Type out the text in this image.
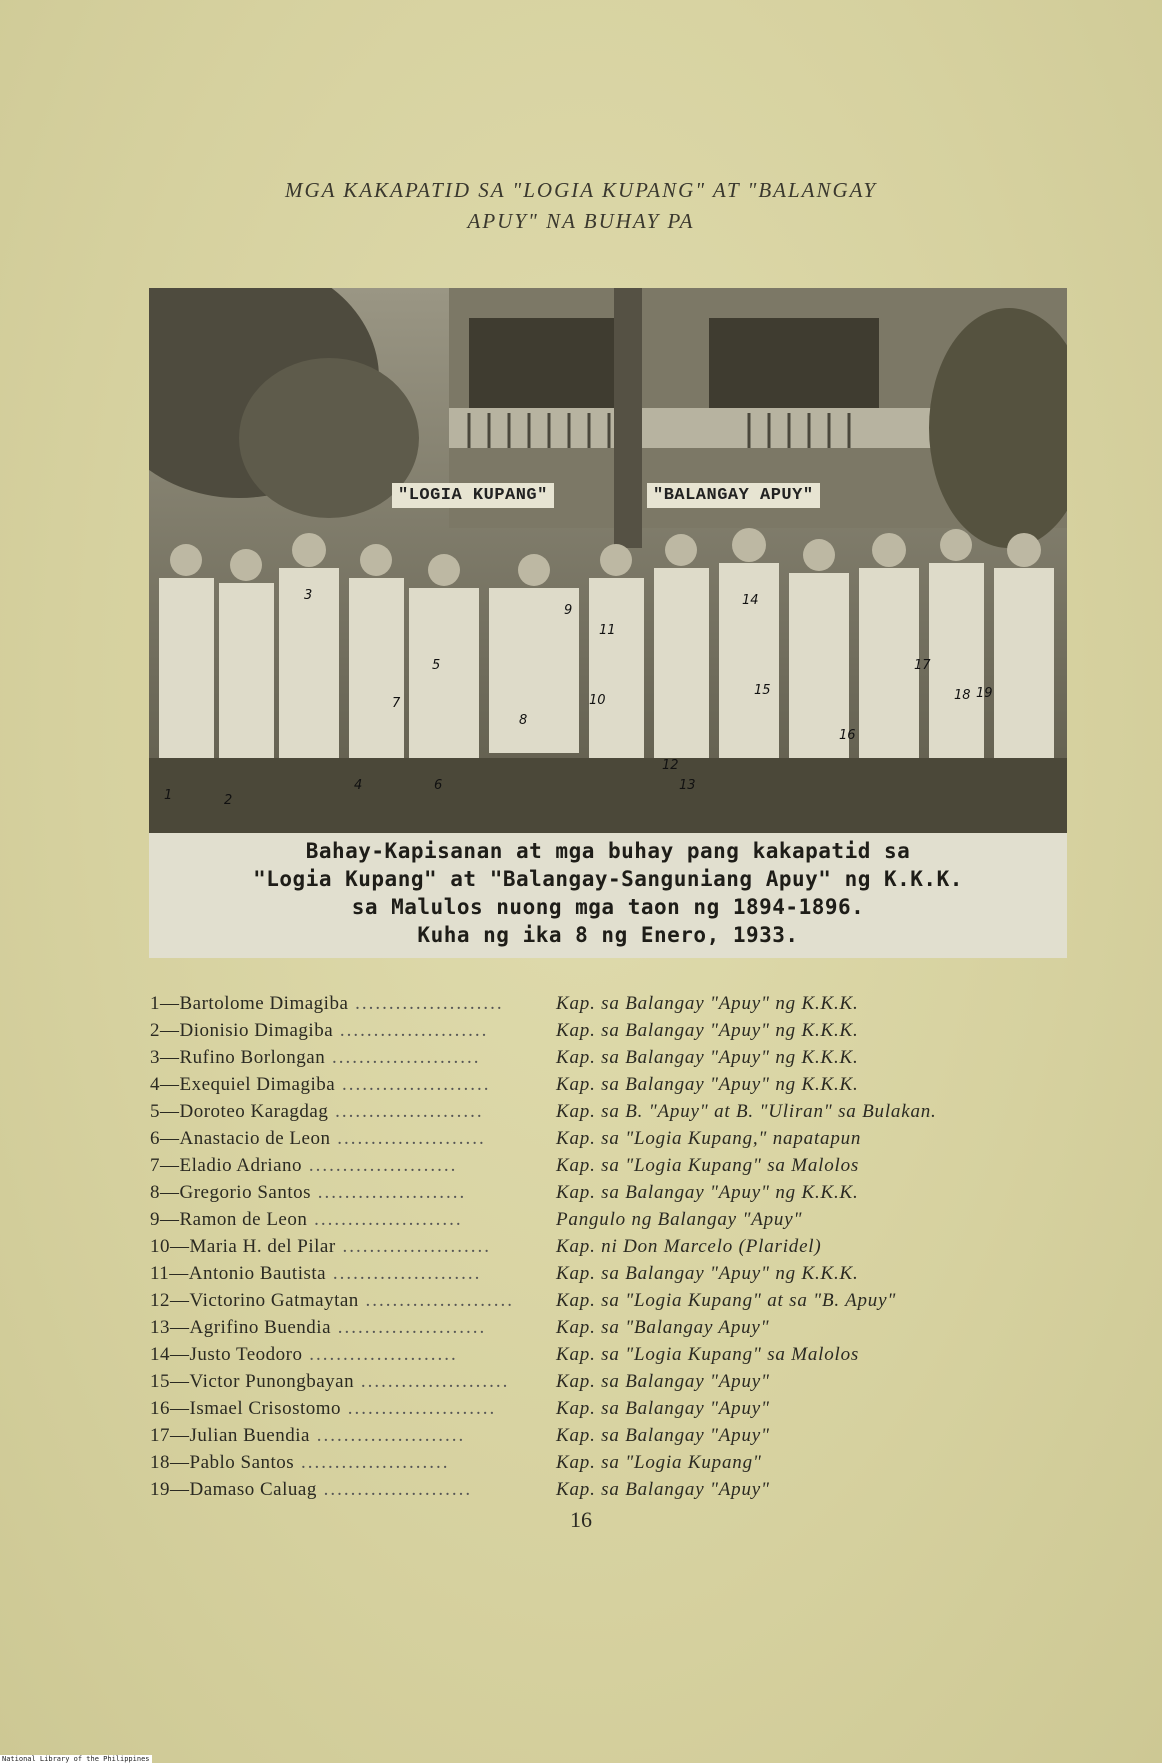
MGA KAKAPATID SA "LOGIA KUPANG" AT "BALANGAY
APUY" NA BUHAY PA
"LOGIA KUPANG"	"BALANGAY APUY"
1	2
3
4
5
6
7
8
9
10
11
12
13
14
15
16
17
18 19
Bahay-Kapisanan at mga buhay pang kakapatid sa
"Logia Kupang" at "Balangay-Sanguniang Apuy" ng K.K.K.
sa Malulos nuong mga taon ng 1894-1896.
Kuha ng ika 8 ng Enero, 1933.
1—Bartolome Dimagiba ......................	Kap. sa Balangay "Apuy" ng K.K.K.
2—Dionisio Dimagiba ......................	Kap. sa Balangay "Apuy" ng K.K.K.
3—Rufino Borlongan ......................	Kap. sa Balangay "Apuy" ng K.K.K.
4—Exequiel Dimagiba ......................	Kap. sa Balangay "Apuy" ng K.K.K.
5—Doroteo Karagdag ......................	Kap. sa B. "Apuy" at B. "Uliran" sa Bulakan.
6—Anastacio de Leon ......................	Kap. sa "Logia Kupang," napatapun
7—Eladio Adriano ......................	Kap. sa "Logia Kupang" sa Malolos
8—Gregorio Santos ......................	Kap. sa Balangay "Apuy" ng K.K.K.
9—Ramon de Leon ......................	Pangulo ng Balangay "Apuy"
10—Maria H. del Pilar ......................	Kap. ni Don Marcelo (Plaridel)
11—Antonio Bautista ......................	Kap. sa Balangay "Apuy" ng K.K.K.
12—Victorino Gatmaytan ......................	Kap. sa "Logia Kupang" at sa "B. Apuy"
13—Agrifino Buendia ......................	Kap. sa "Balangay Apuy"
14—Justo Teodoro ......................	Kap. sa "Logia Kupang" sa Malolos
15—Victor Punongbayan ......................	Kap. sa Balangay "Apuy"
16—Ismael Crisostomo ......................	Kap. sa Balangay "Apuy"
17—Julian Buendia ......................	Kap. sa Balangay "Apuy"
18—Pablo Santos ......................	Kap. sa "Logia Kupang"
19—Damaso Caluag ......................	Kap. sa Balangay "Apuy"
16
National Library of the Philippines
